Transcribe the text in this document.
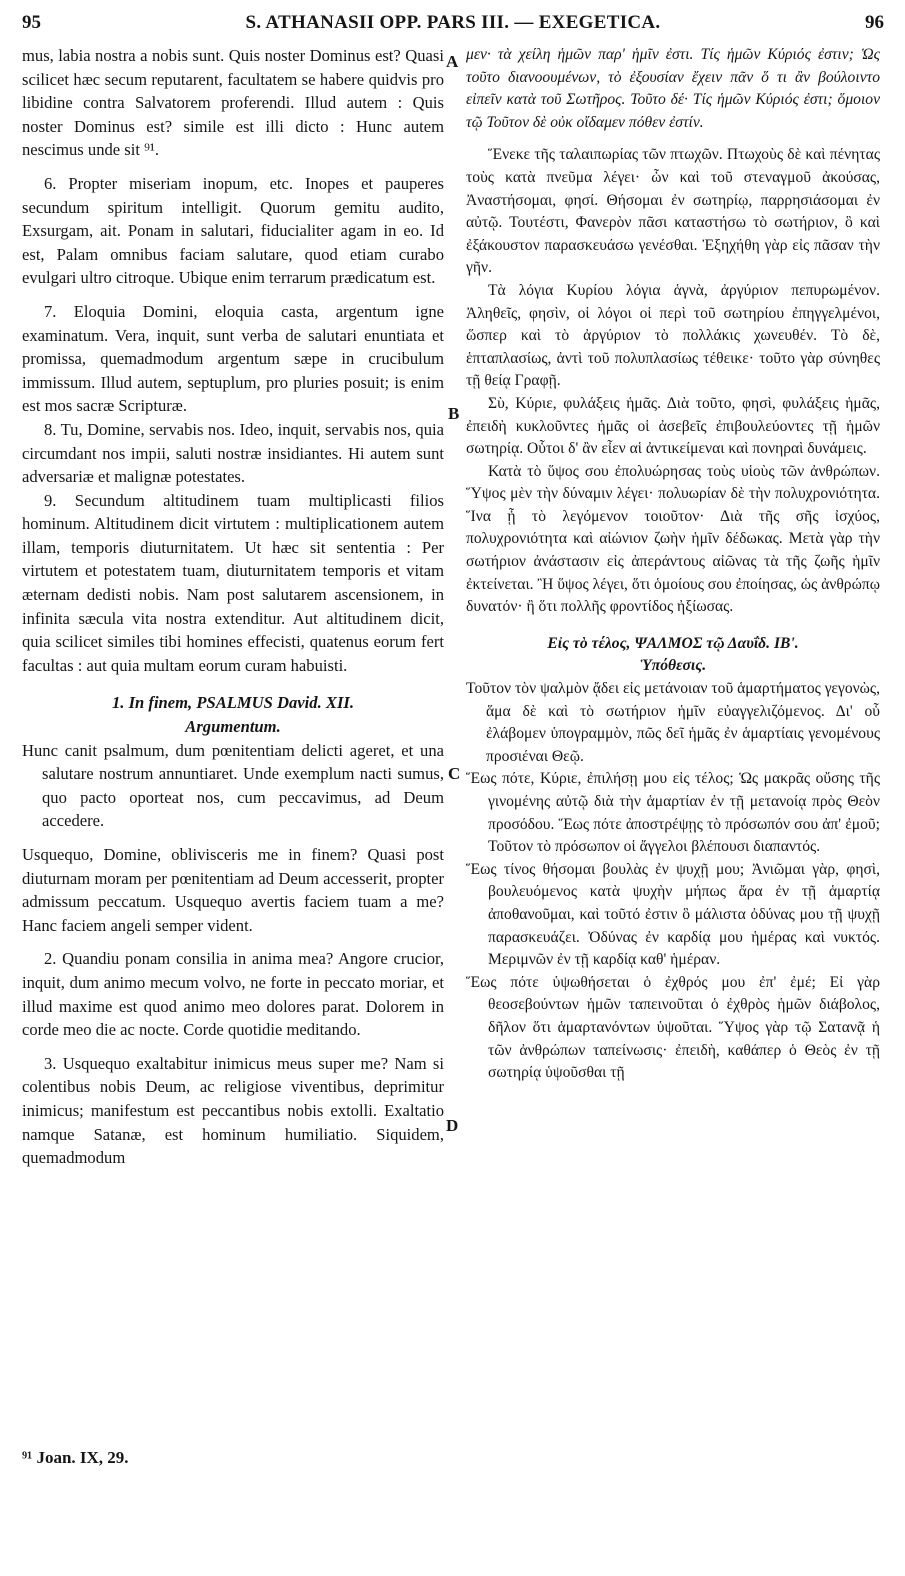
95	S. ATHANASII OPP. PARS III. — EXEGETICA.	96

mus, labia nostra a nobis sunt. Quis noster Dominus est? Quasi scilicet hæc secum reputarent, facultatem se habere quidvis pro libidine contra Salvatorem proferendi. Illud autem : Quis noster Dominus est? simile est illi dicto : Hunc autem nescimus unde sit ⁹¹.

6. Propter miseriam inopum, etc. Inopes et pauperes secundum spiritum intelligit. Quorum gemitu audito, Exsurgam, ait. Ponam in salutari, fiducialiter agam in eo. Id est, Palam omnibus faciam salutare, quod etiam curabo evulgari ultro citroque. Ubique enim terrarum prædicatum est.

7. Eloquia Domini, eloquia casta, argentum igne examinatum. Vera, inquit, sunt verba de salutari enuntiata et promissa, quemadmodum argentum sæpe in crucibulum immissum. Illud autem, septuplum, pro pluries posuit; is enim est mos sacræ Scripturæ.

8. Tu, Domine, servabis nos. Ideo, inquit, servabis nos, quia circumdant nos impii, saluti nostræ insidiantes. Hi autem sunt adversariæ et malignæ potestates.

9. Secundum altitudinem tuam multiplicasti filios hominum. Altitudinem dicit virtutem : multiplicationem autem illam, temporis diuturnitatem. Ut hæc sit sententia : Per virtutem et potestatem tuam, diuturnitatem temporis et vitam æternam dedisti nobis. Nam post salutarem ascensionem, in infinita sæcula vita nostra extenditur. Aut altitudinem dicit, quia scilicet similes tibi homines effecisti, quatenus eorum fert facultas : aut quia multam eorum curam habuisti.

1. In finem, PSALMUS David. XII.

Argumentum.

Hunc canit psalmum, dum pœnitentiam delicti ageret, et una salutare nostrum annuntiaret. Unde exemplum nacti sumus, quo pacto oporteat nos, cum peccavimus, ad Deum accedere.

Usquequo, Domine, oblivisceris me in finem? Quasi post diuturnam moram per pœnitentiam ad Deum accesserit, propter admissum peccatum. Usquequo avertis faciem tuam a me? Hanc faciem angeli semper vident.

2. Quandiu ponam consilia in anima mea? Angore crucior, inquit, dum animo mecum volvo, ne forte in peccato moriar, et illud maxime est quod animo meo dolores parat. Dolorem in corde meo die ac nocte. Corde quotidie meditando.

3. Usquequo exaltabitur inimicus meus super me? Nam si colentibus nobis Deum, ac religiose viventibus, deprimitur inimicus; manifestum est peccantibus nobis extolli. Exaltatio namque Satanæ, est hominum humiliatio. Siquidem, quemadmodum

μεν· τὰ χείλη ἡμῶν παρ' ἡμῖν ἐστι. Τίς ἡμῶν Κύριός ἐστιν; Ὡς τοῦτο διανοουμένων, τὸ ἐξουσίαν ἔχειν πᾶν ὅ τι ἂν βούλοιντο εἰπεῖν κατὰ τοῦ Σωτῆρος. Τοῦτο δέ· Τίς ἡμῶν Κύριός ἐστι; ὅμοιον τῷ Τοῦτον δὲ οὐκ οἴδαμεν πόθεν ἐστίν.

Ἕνεκε τῆς ταλαιπωρίας τῶν πτωχῶν. Πτωχοὺς δὲ καὶ πένητας τοὺς κατὰ πνεῦμα λέγει· ὧν καὶ τοῦ στεναγμοῦ ἀκούσας, Ἀναστήσομαι, φησί. Θήσομαι ἐν σωτηρίῳ, παρρησιάσομαι ἐν αὐτῷ. Τουτέστι, Φανερὸν πᾶσι καταστήσω τὸ σωτήριον, ὃ καὶ ἐξάκουστον παρασκευάσω γενέσθαι. Ἐξηχήθη γὰρ εἰς πᾶσαν τὴν γῆν.

Τὰ λόγια Κυρίου λόγια ἁγνὰ, ἀργύριον πεπυρωμένον. Ἀληθεῖς, φησὶν, οἱ λόγοι οἱ περὶ τοῦ σωτηρίου ἐπηγγελμένοι, ὥσπερ καὶ τὸ ἀργύριον τὸ πολλάκις χωνευθέν. Τὸ δὲ, ἑπταπλασίως, ἀντὶ τοῦ πολυπλασίως τέθεικε· τοῦτο γὰρ σύνηθες τῇ θείᾳ Γραφῇ.

Σὺ, Κύριε, φυλάξεις ἡμᾶς. Διὰ τοῦτο, φησὶ, φυλάξεις ἡμᾶς, ἐπειδὴ κυκλοῦντες ἡμᾶς οἱ ἀσεβεῖς ἐπιβουλεύοντες τῇ ἡμῶν σωτηρίᾳ. Οὗτοι δ' ἂν εἶεν αἱ ἀντικείμεναι καὶ πονηραὶ δυνάμεις.

Κατὰ τὸ ὕψος σου ἐπολυώρησας τοὺς υἱοὺς τῶν ἀνθρώπων. Ὕψος μὲν τὴν δύναμιν λέγει· πολυωρίαν δὲ τὴν πολυχρονιότητα. Ἵνα ᾖ τὸ λεγόμενον τοιοῦτον· Διὰ τῆς σῆς ἰσχύος, πολυχρονιότητα καὶ αἰώνιον ζωὴν ἡμῖν δέδωκας. Μετὰ γὰρ τὴν σωτήριον ἀνάστασιν εἰς ἀπεράντους αἰῶνας τὰ τῆς ζωῆς ἡμῖν ἐκτείνεται. Ἢ ὕψος λέγει, ὅτι ὁμοίους σου ἐποίησας, ὡς ἀνθρώπῳ δυνατόν· ἢ ὅτι πολλῆς φροντίδος ἠξίωσας.

Εἰς τὸ τέλος, ΨΑΛΜΟΣ τῷ Δαυΐδ. ΙΒ'.

Ὑπόθεσις.

Τοῦτον τὸν ψαλμὸν ᾄδει εἰς μετάνοιαν τοῦ ἁμαρτήματος γεγονὼς, ἅμα δὲ καὶ τὸ σωτήριον ἡμῖν εὐαγγελιζόμενος. Δι' οὗ ἐλάβομεν ὑπογραμμὸν, πῶς δεῖ ἡμᾶς ἐν ἁμαρτίαις γενομένους προσιέναι Θεῷ.

Ἕως πότε, Κύριε, ἐπιλήσῃ μου εἰς τέλος; Ὡς μακρᾶς οὔσης τῆς γινομένης αὐτῷ διὰ τὴν ἁμαρτίαν ἐν τῇ μετανοίᾳ πρὸς Θεὸν προσόδου. Ἕως πότε ἀποστρέψῃς τὸ πρόσωπόν σου ἀπ' ἐμοῦ; Τοῦτον τὸ πρόσωπον οἱ ἄγγελοι βλέπουσι διαπαντός.

Ἕως τίνος θήσομαι βουλὰς ἐν ψυχῇ μου; Ἀνιῶμαι γὰρ, φησὶ, βουλευόμενος κατὰ ψυχὴν μήπως ἄρα ἐν τῇ ἁμαρτίᾳ ἀποθανοῦμαι, καὶ τοῦτό ἐστιν ὃ μάλιστα ὀδύνας μου τῇ ψυχῇ παρασκευάζει. Ὀδύνας ἐν καρδίᾳ μου ἡμέρας καὶ νυκτός. Μεριμνῶν ἐν τῇ καρδίᾳ καθ' ἡμέραν.

Ἕως πότε ὑψωθήσεται ὁ ἐχθρός μου ἐπ' ἐμέ; Εἰ γὰρ θεοσεβούντων ἡμῶν ταπεινοῦται ὁ ἐχθρὸς ἡμῶν διάβολος, δῆλον ὅτι ἁμαρτανόντων ὑψοῦται. Ὕψος γὰρ τῷ Σατανᾷ ἡ τῶν ἀνθρώπων ταπείνωσις· ἐπειδὴ, καθάπερ ὁ Θεὸς ἐν τῇ σωτηρίᾳ ὑψοῦσθαι τῇ

A
B
C
D
⁹¹ Joan. IX, 29.
